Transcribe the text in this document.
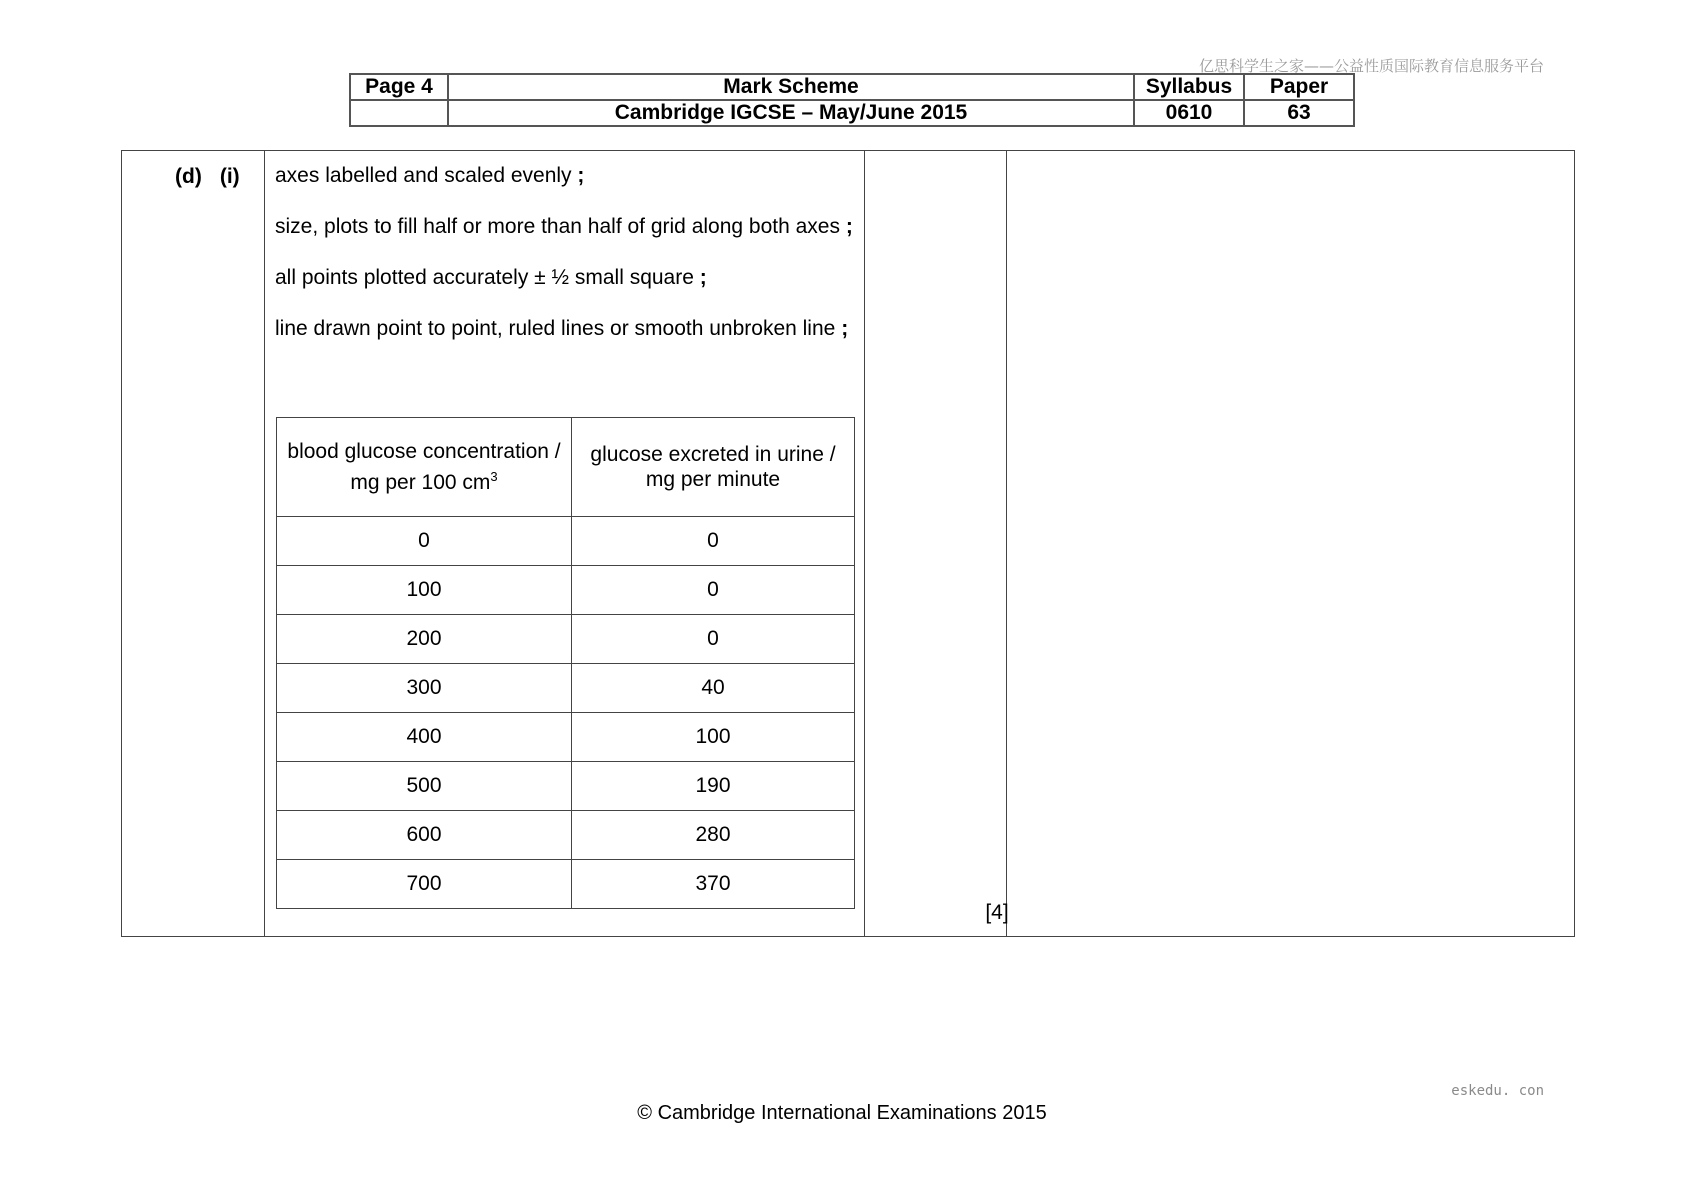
亿思科学生之家——公益性质国际教育信息服务平台
Page 4	Mark Scheme	Syllabus	Paper
	Cambridge IGCSE – May/June 2015	0610	63
(d) (i) axes labelled and scaled evenly ;

size, plots to fill half or more than half of grid along both axes ;

all points plotted accurately ± ½ small square ;

line drawn point to point, ruled lines or smooth unbroken line ;

blood glucose concentration / mg per 100 $cm^3$	glucose excreted in urine / mg per minute
0	0
100	0
200	0
300	40
400	100
500	190
600	280
700	370
[4]
eskedu. con
© Cambridge International Examinations 2015
